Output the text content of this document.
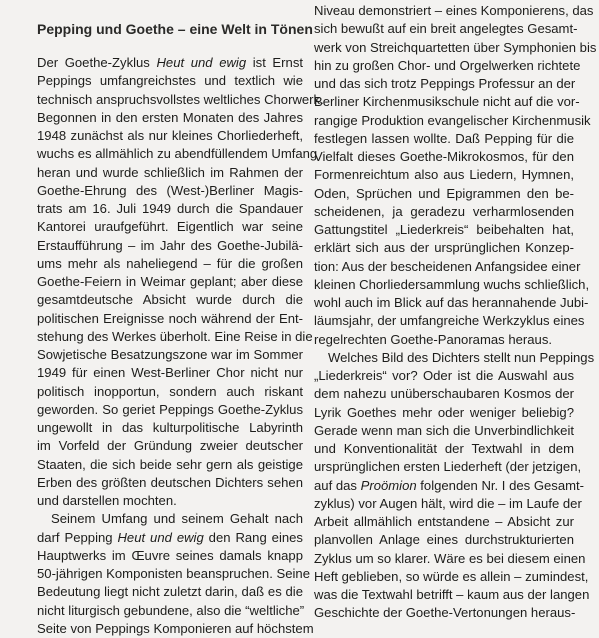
Pepping und Goethe – eine Welt in Tönen
Der Goethe-Zyklus Heut und ewig ist Ernst
Peppings umfangreichstes und textlich wie
technisch anspruchsvollstes weltliches Chorwerk.
Begonnen in den ersten Monaten des Jahres
1948 zunächst als nur kleines Chorliederheft,
wuchs es allmählich zu abendfüllendem Umfang
heran und wurde schließlich im Rahmen der
Goethe-Ehrung des (West-)Berliner Magis-
trats am 16. Juli 1949 durch die Spandauer
Kantorei uraufgeführt. Eigentlich war seine
Erstaufführung – im Jahr des Goethe-Jubilä-
ums mehr als naheliegend – für die großen
Goethe-Feiern in Weimar geplant; aber diese
gesamtdeutsche Absicht wurde durch die
politischen Ereignisse noch während der Ent-
stehung des Werkes überholt. Eine Reise in die
Sowjetische Besatzungszone war im Sommer
1949 für einen West-Berliner Chor nicht nur
politisch inopportun, sondern auch riskant
geworden. So geriet Peppings Goethe-Zyklus
ungewollt in das kulturpolitische Labyrinth
im Vorfeld der Gründung zweier deutscher
Staaten, die sich beide sehr gern als geistige
Erben des größten deutschen Dichters sehen
und darstellen mochten.
Seinem Umfang und seinem Gehalt nach
darf Pepping Heut und ewig den Rang eines
Hauptwerks im Œuvre seines damals knapp
50-jährigen Komponisten beanspruchen. Seine
Bedeutung liegt nicht zuletzt darin, daß es die
nicht liturgisch gebundene, also die “weltliche”
Seite von Peppings Komponieren auf höchstem
Niveau demonstriert – eines Komponierens, das
sich bewußt auf ein breit angelegtes Gesamt-
werk von Streichquartetten über Symphonien bis
hin zu großen Chor- und Orgelwerken richtete
und das sich trotz Peppings Professur an der
Berliner Kirchenmusikschule nicht auf die vor-
rangige Produktion evangelischer Kirchenmusik
festlegen lassen wollte. Daß Pepping für die
Vielfalt dieses Goethe-Mikrokosmos, für den
Formenreichtum also aus Liedern, Hymnen,
Oden, Sprüchen und Epigrammen den be-
scheidenen, ja geradezu verharmlosenden
Gattungstitel „Liederkreis“ beibehalten hat,
erklärt sich aus der ursprünglichen Konzep-
tion: Aus der bescheidenen Anfangsidee einer
kleinen Chorliedersammlung wuchs schließlich,
wohl auch im Blick auf das herannahende Jubi-
läumsjahr, der umfangreiche Werkzyklus eines
regelrechten Goethe-Panoramas heraus.
Welches Bild des Dichters stellt nun Peppings
„Liederkreis“ vor? Oder ist die Auswahl aus
dem nahezu unüberschaubaren Kosmos der
Lyrik Goethes mehr oder weniger beliebig?
Gerade wenn man sich die Unverbindlichkeit
und Konventionalität der Textwahl in dem
ursprünglichen ersten Liederheft (der jetzigen,
auf das Proömion folgenden Nr. I des Gesamt-
zyklus) vor Augen hält, wird die – im Laufe der
Arbeit allmählich entstandene – Absicht zur
planvollen Anlage eines durchstrukturierten
Zyklus um so klarer. Wäre es bei diesem einen
Heft geblieben, so würde es allein – zumindest,
was die Textwahl betrifft – kaum aus der langen
Geschichte der Goethe-Vertonungen heraus-
